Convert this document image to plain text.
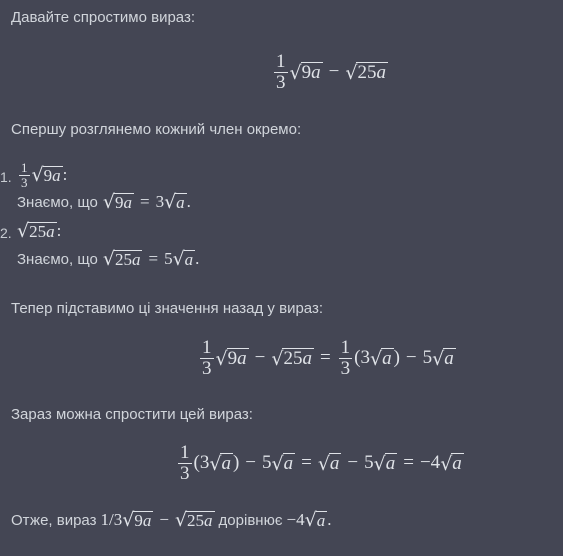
Давайте спростимо вираз:
$\frac{1}{3}$ √ 9a − √ 25a
Спершу розглянемо кожний член окремо:
1. $\frac{1}{3}$ √ 9a :
Знаємо, що √ 9a = 3 √ a .
2. √ 25a :
Знаємо, що √ 25a = 5 √ a .
Тепер підставимо ці значення назад у вираз:
$\frac{1}{3}$ √ 9a − √ $25a = \frac{1}{3}$ ( 3 √ a ) − 5 √ a
Зараз можна спростити цей вираз:
$\frac{1}{3}$ ( 3 √ a ) − 5 √ a = √ a − 5 √ a = −4 √ a
Отже, вираз 1 / 3 √ 9a − √ 25a дорівнює −4 √ a .
